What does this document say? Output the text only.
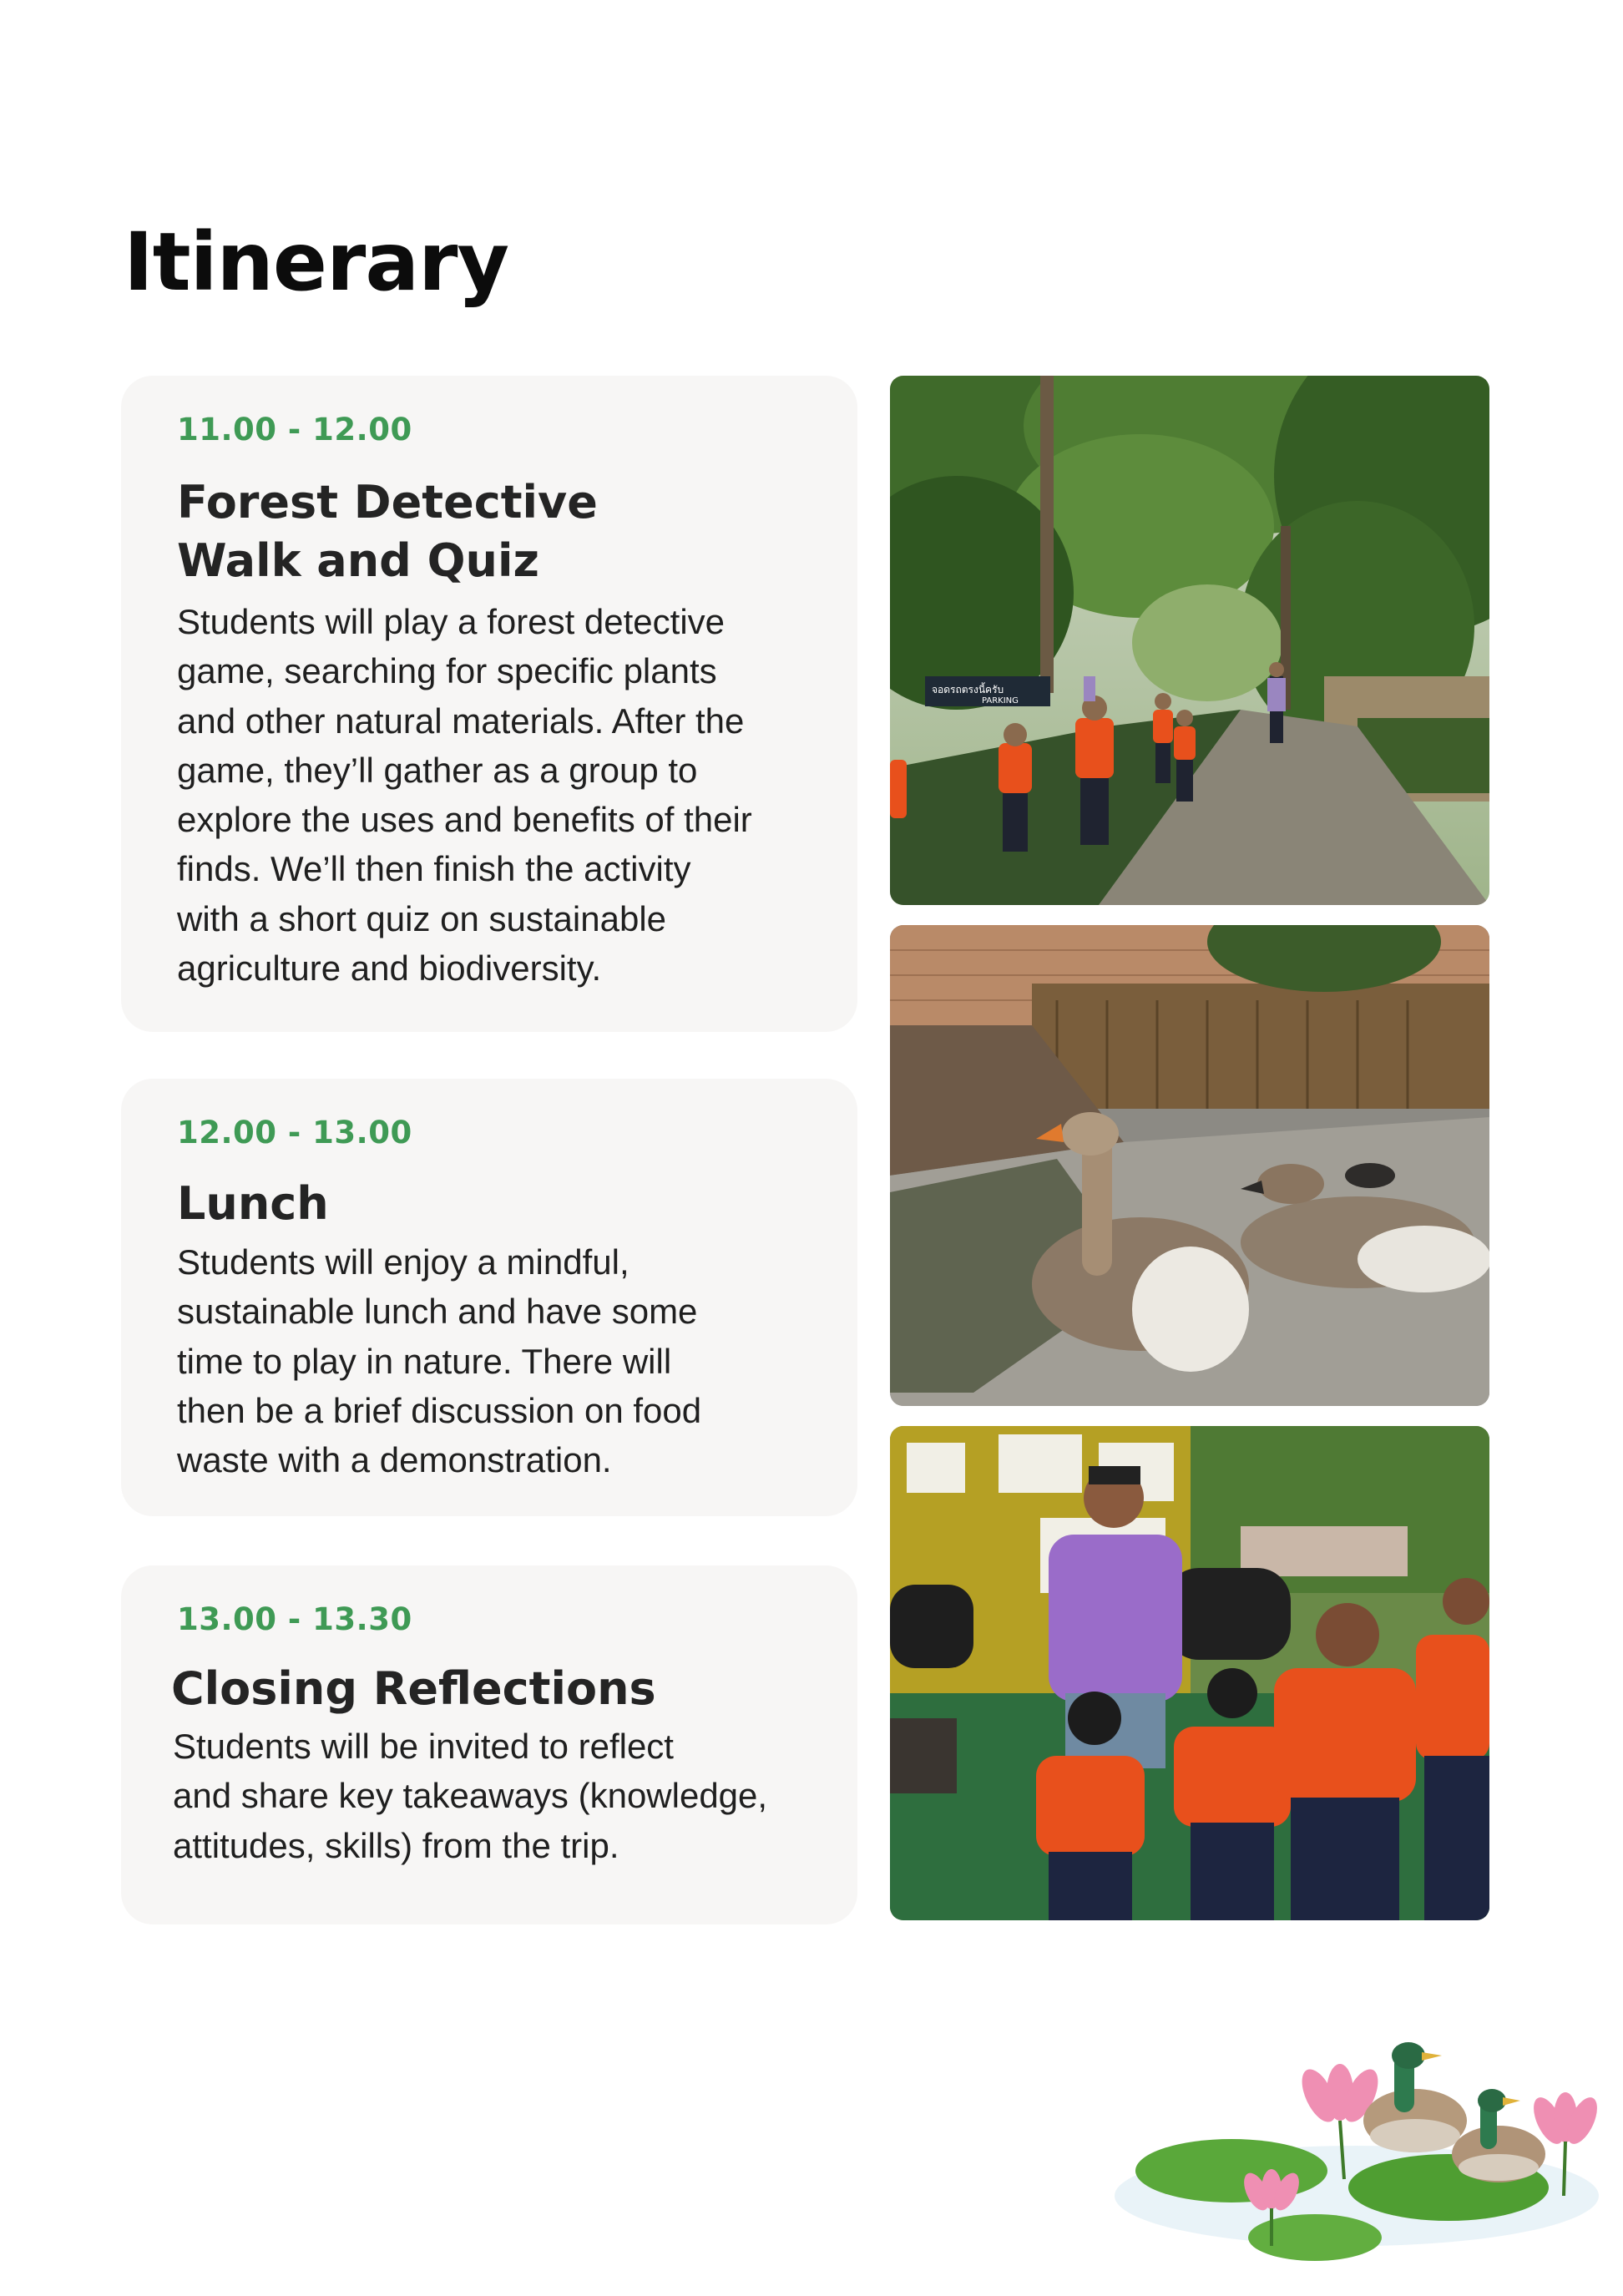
Itinerary
11.00 - 12.00
Forest Detective
Walk and Quiz

Students will play a forest detective
game, searching for specific plants
and other natural materials. After the
game, they’ll gather as a group to
explore the uses and benefits of their
finds. We’ll then finish the activity
with a short quiz on sustainable
agriculture and biodiversity.

12.00 - 13.00
Lunch

Students will enjoy a mindful,
sustainable lunch and have some
time to play in nature. There will
then be a brief discussion on food
waste with a demonstration.

13.00 - 13.30
Closing Reflections

Students will be invited to reflect
and share key takeaways (knowledge,
attitudes, skills) from the trip.

จอดรถตรงนี้ครับ
PARKING
